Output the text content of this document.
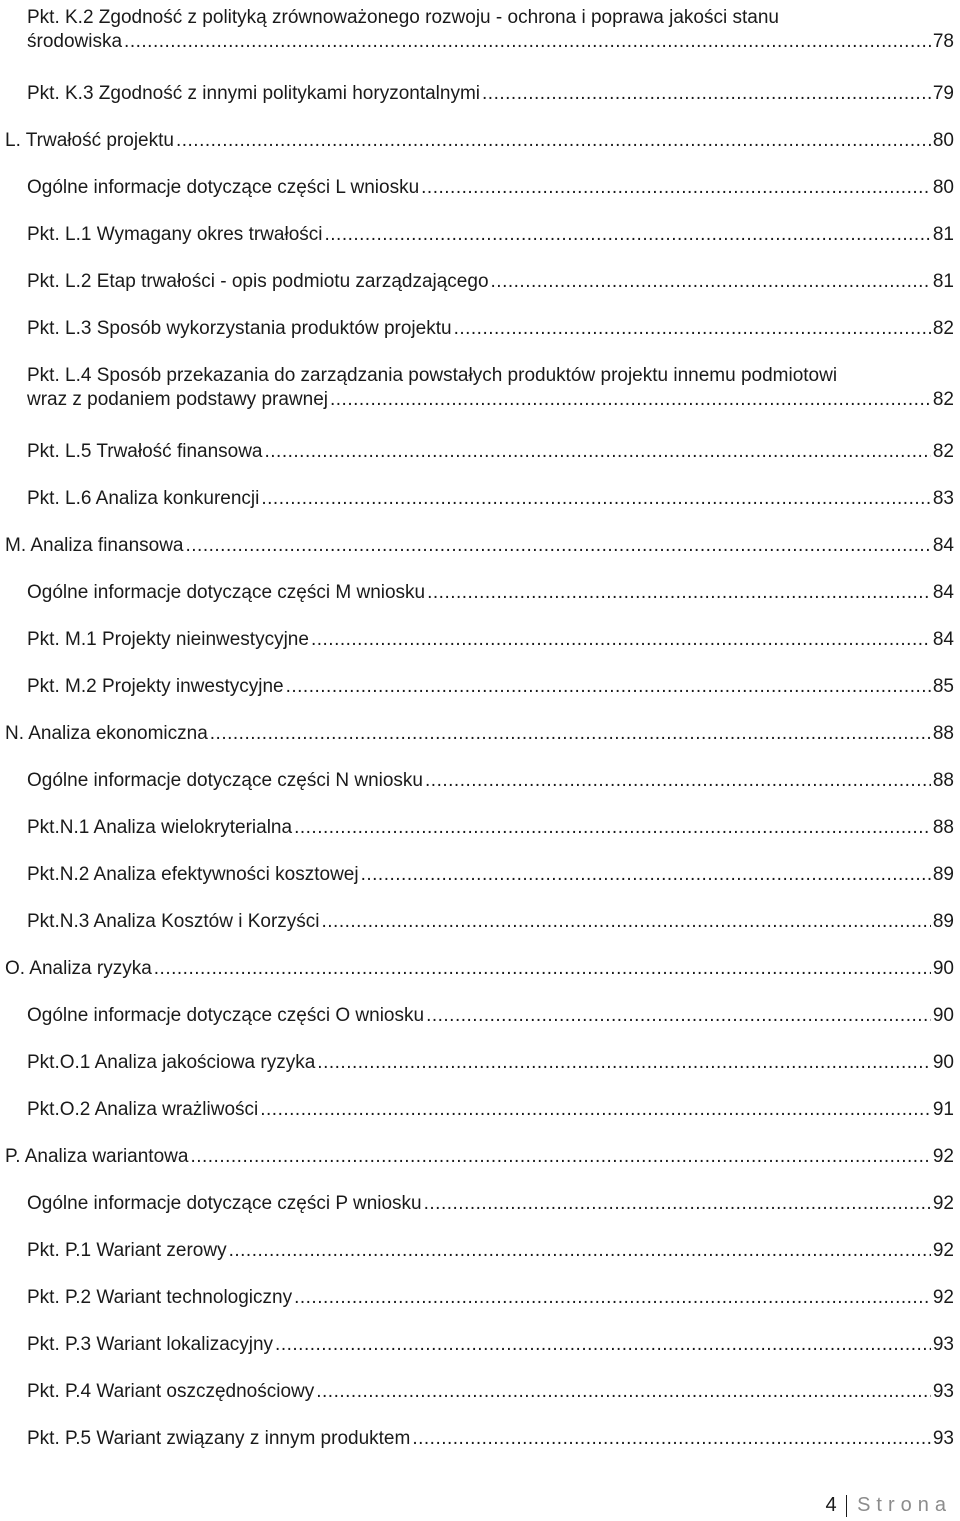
Pkt. K.2 Zgodność z polityką zrównoważonego rozwoju - ochrona i poprawa jakości stanu
środowiska .....	78
Pkt. K.3 Zgodność z innymi politykami horyzontalnymi .....	79
L. Trwałość projektu .....	80
Ogólne informacje dotyczące części L wniosku .....	80
Pkt. L.1 Wymagany okres trwałości .....	81
Pkt. L.2 Etap trwałości - opis podmiotu zarządzającego .....	81
Pkt. L.3 Sposób wykorzystania produktów projektu .....	82
Pkt. L.4 Sposób przekazania do zarządzania powstałych produktów projektu innemu podmiotowi
wraz z podaniem podstawy prawnej .....	82
Pkt. L.5 Trwałość finansowa .....	82
Pkt. L.6 Analiza konkurencji .....	83
M. Analiza finansowa .....	84
Ogólne informacje dotyczące części M wniosku .....	84
Pkt. M.1 Projekty nieinwestycyjne .....	84
Pkt. M.2 Projekty inwestycyjne .....	85
N. Analiza ekonomiczna .....	88
Ogólne informacje dotyczące części N wniosku .....	88
Pkt.N.1 Analiza wielokryterialna .....	88
Pkt.N.2 Analiza efektywności kosztowej .....	89
Pkt.N.3 Analiza Kosztów i Korzyści .....	89
O. Analiza ryzyka .....	90
Ogólne informacje dotyczące części O wniosku .....	90
Pkt.O.1 Analiza jakościowa ryzyka .....	90
Pkt.O.2 Analiza wrażliwości .....	91
P. Analiza wariantowa .....	92
Ogólne informacje dotyczące części P wniosku .....	92
Pkt. P.1 Wariant zerowy .....	92
Pkt. P.2 Wariant technologiczny .....	92
Pkt. P.3 Wariant lokalizacyjny .....	93
Pkt. P.4 Wariant oszczędnościowy .....	93
Pkt. P.5 Wariant związany z innym produktem .....	93
4	Strona
